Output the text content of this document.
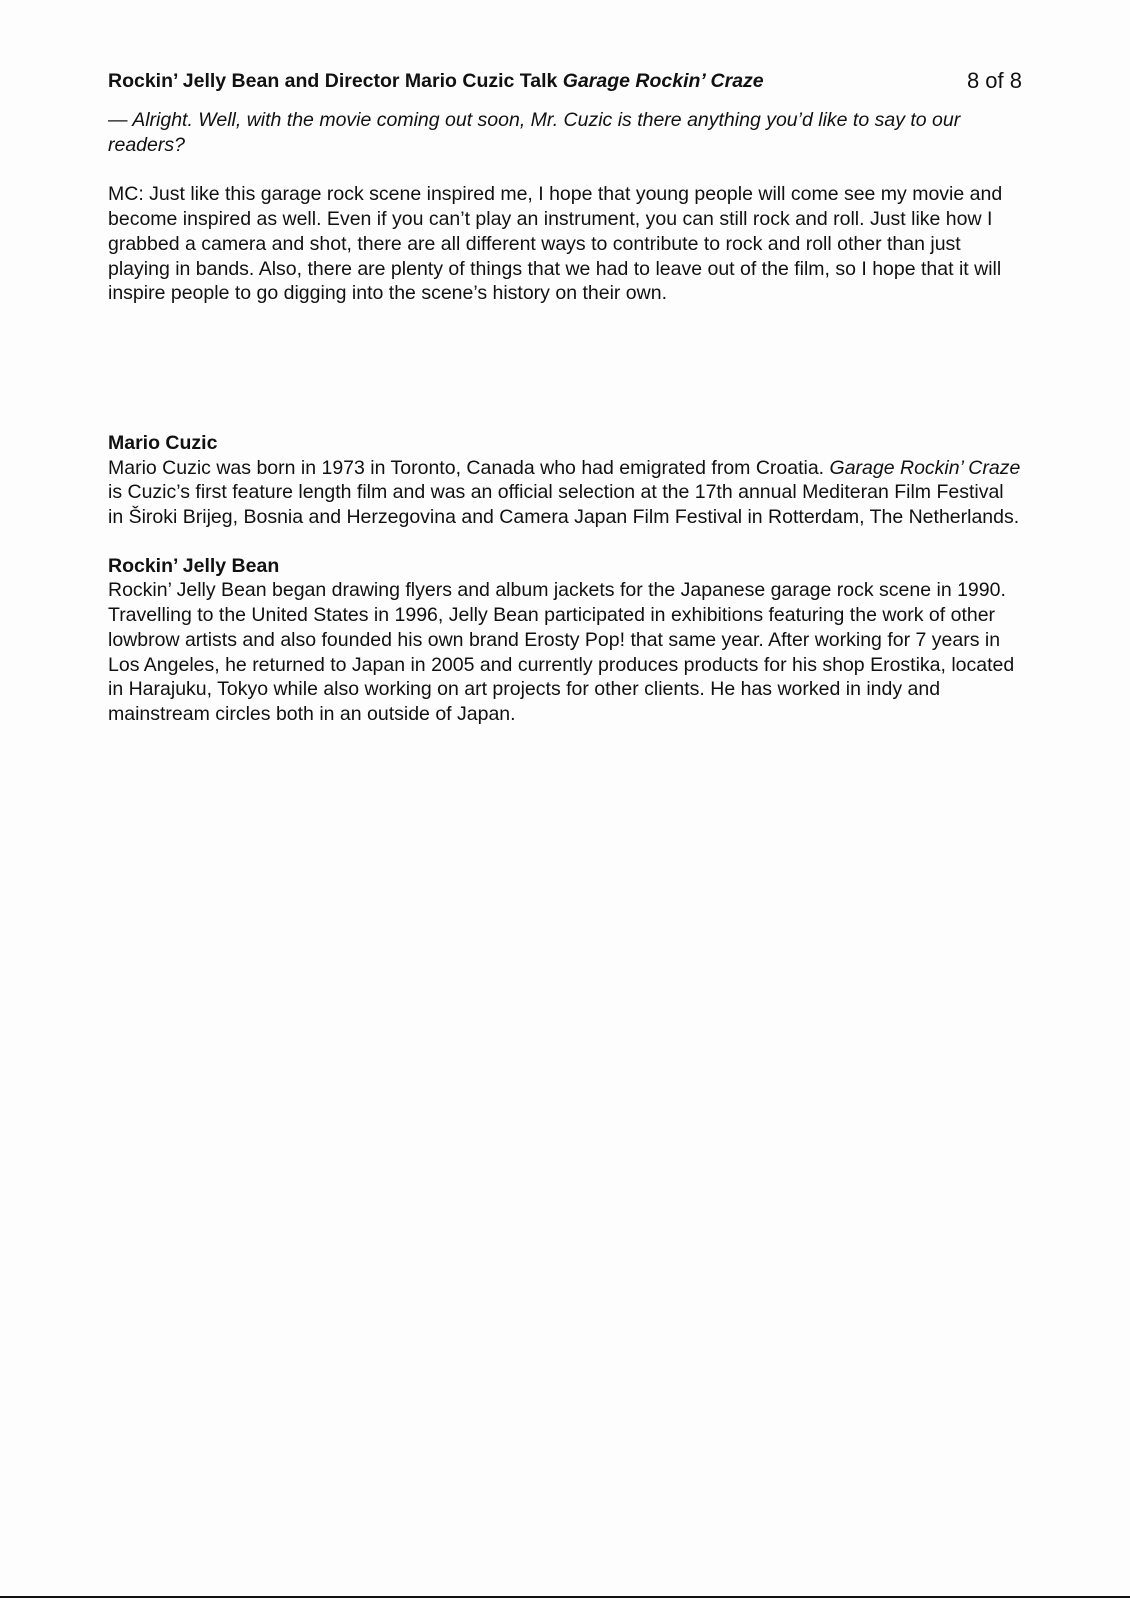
Rockin’ Jelly Bean and Director Mario Cuzic Talk Garage Rockin’ Craze	8 of 8

— Alright. Well, with the movie coming out soon, Mr. Cuzic is there anything you’d like to say to our readers?

MC: Just like this garage rock scene inspired me, I hope that young people will come see my movie and become inspired as well. Even if you can’t play an instrument, you can still rock and roll. Just like how I grabbed a camera and shot, there are all different ways to contribute to rock and roll other than just playing in bands. Also, there are plenty of things that we had to leave out of the film, so I hope that it will inspire people to go digging into the scene’s history on their own.

Mario Cuzic

Mario Cuzic was born in 1973 in Toronto, Canada who had emigrated from Croatia. Garage Rockin’ Craze is Cuzic’s first feature length film and was an official selection at the 17th annual Mediteran Film Festival in Široki Brijeg, Bosnia and Herzegovina and Camera Japan Film Festival in Rotterdam, The Netherlands.

Rockin’ Jelly Bean

Rockin’ Jelly Bean began drawing flyers and album jackets for the Japanese garage rock scene in 1990. Travelling to the United States in 1996, Jelly Bean participated in exhibitions featuring the work of other lowbrow artists and also founded his own brand Erosty Pop! that same year. After working for 7 years in Los Angeles, he returned to Japan in 2005 and currently produces products for his shop Erostika, located in Harajuku, Tokyo while also working on art projects for other clients. He has worked in indy and mainstream circles both in an outside of Japan.
